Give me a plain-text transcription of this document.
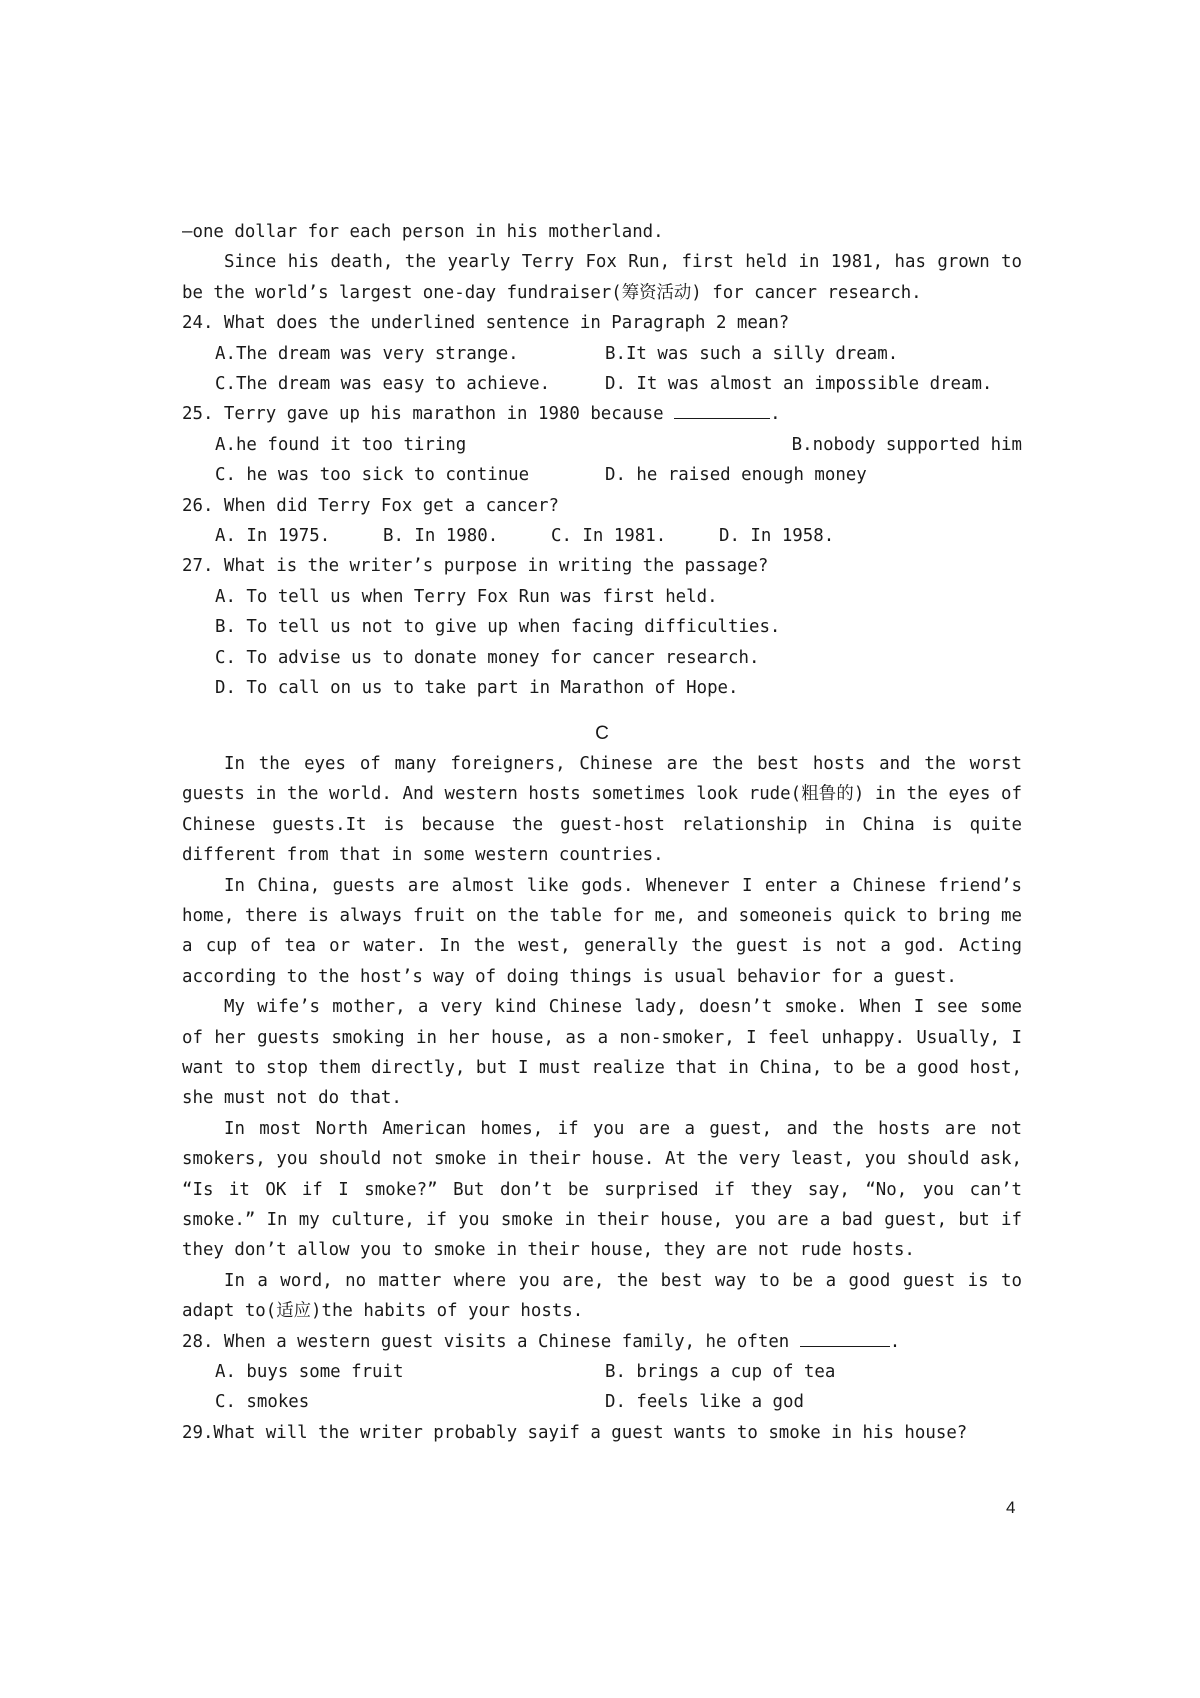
—one dollar for each person in his motherland.

Since his death, the yearly Terry Fox Run, first held in 1981, has grown to be the world’s largest one-day fundraiser(筹资活动) for cancer research.

24. What does the underlined sentence in Paragraph 2 mean?
A.The dream was very strange.	B.It was such a silly dream.
C.The dream was easy to achieve.	D. It was almost an impossible dream.
25. Terry gave up his marathon in 1980 because	.
A.he found it too tiring	B.nobody supported him
C. he was too sick to continue	D. he raised enough money
26. When did Terry Fox get a cancer?
A. In 1975.	B. In 1980.	C. In 1981.	D. In 1958.
27. What is the writer’s purpose in writing the passage?
A. To tell us when Terry Fox Run was first held.
B. To tell us not to give up when facing difficulties.
C. To advise us to donate money for cancer research.
D. To call on us to take part in Marathon of Hope.
C

In the eyes of many foreigners, Chinese are the best hosts and the worst guests in the world. And western hosts sometimes look rude(粗鲁的) in the eyes of Chinese guests.It is because the guest-host relationship in China is quite different from that in some western countries.

In China, guests are almost like gods. Whenever I enter a Chinese friend’s home, there is always fruit on the table for me, and someoneis quick to bring me a cup of tea or water. In the west, generally the guest is not a god. Acting according to the host’s way of doing things is usual behavior for a guest.

My wife’s mother, a very kind Chinese lady, doesn’t smoke. When I see some of her guests smoking in her house, as a non-smoker, I feel unhappy. Usually, I want to stop them directly, but I must realize that in China, to be a good host, she must not do that.

In most North American homes, if you are a guest, and the hosts are not smokers, you should not smoke in their house. At the very least, you should ask, “Is it OK if I smoke?” But don’t be surprised if they say, “No, you can’t smoke.” In my culture, if you smoke in their house, you are a bad guest, but if they don’t allow you to smoke in their house, they are not rude hosts.

In a word, no matter where you are, the best way to be a good guest is to adapt to(适应)the habits of your hosts.

28. When a western guest visits a Chinese family, he often	.
A. buys some fruit	B. brings a cup of tea
C. smokes	D. feels like a god
29.What will the writer probably sayif a guest wants to smoke in his house?
4
